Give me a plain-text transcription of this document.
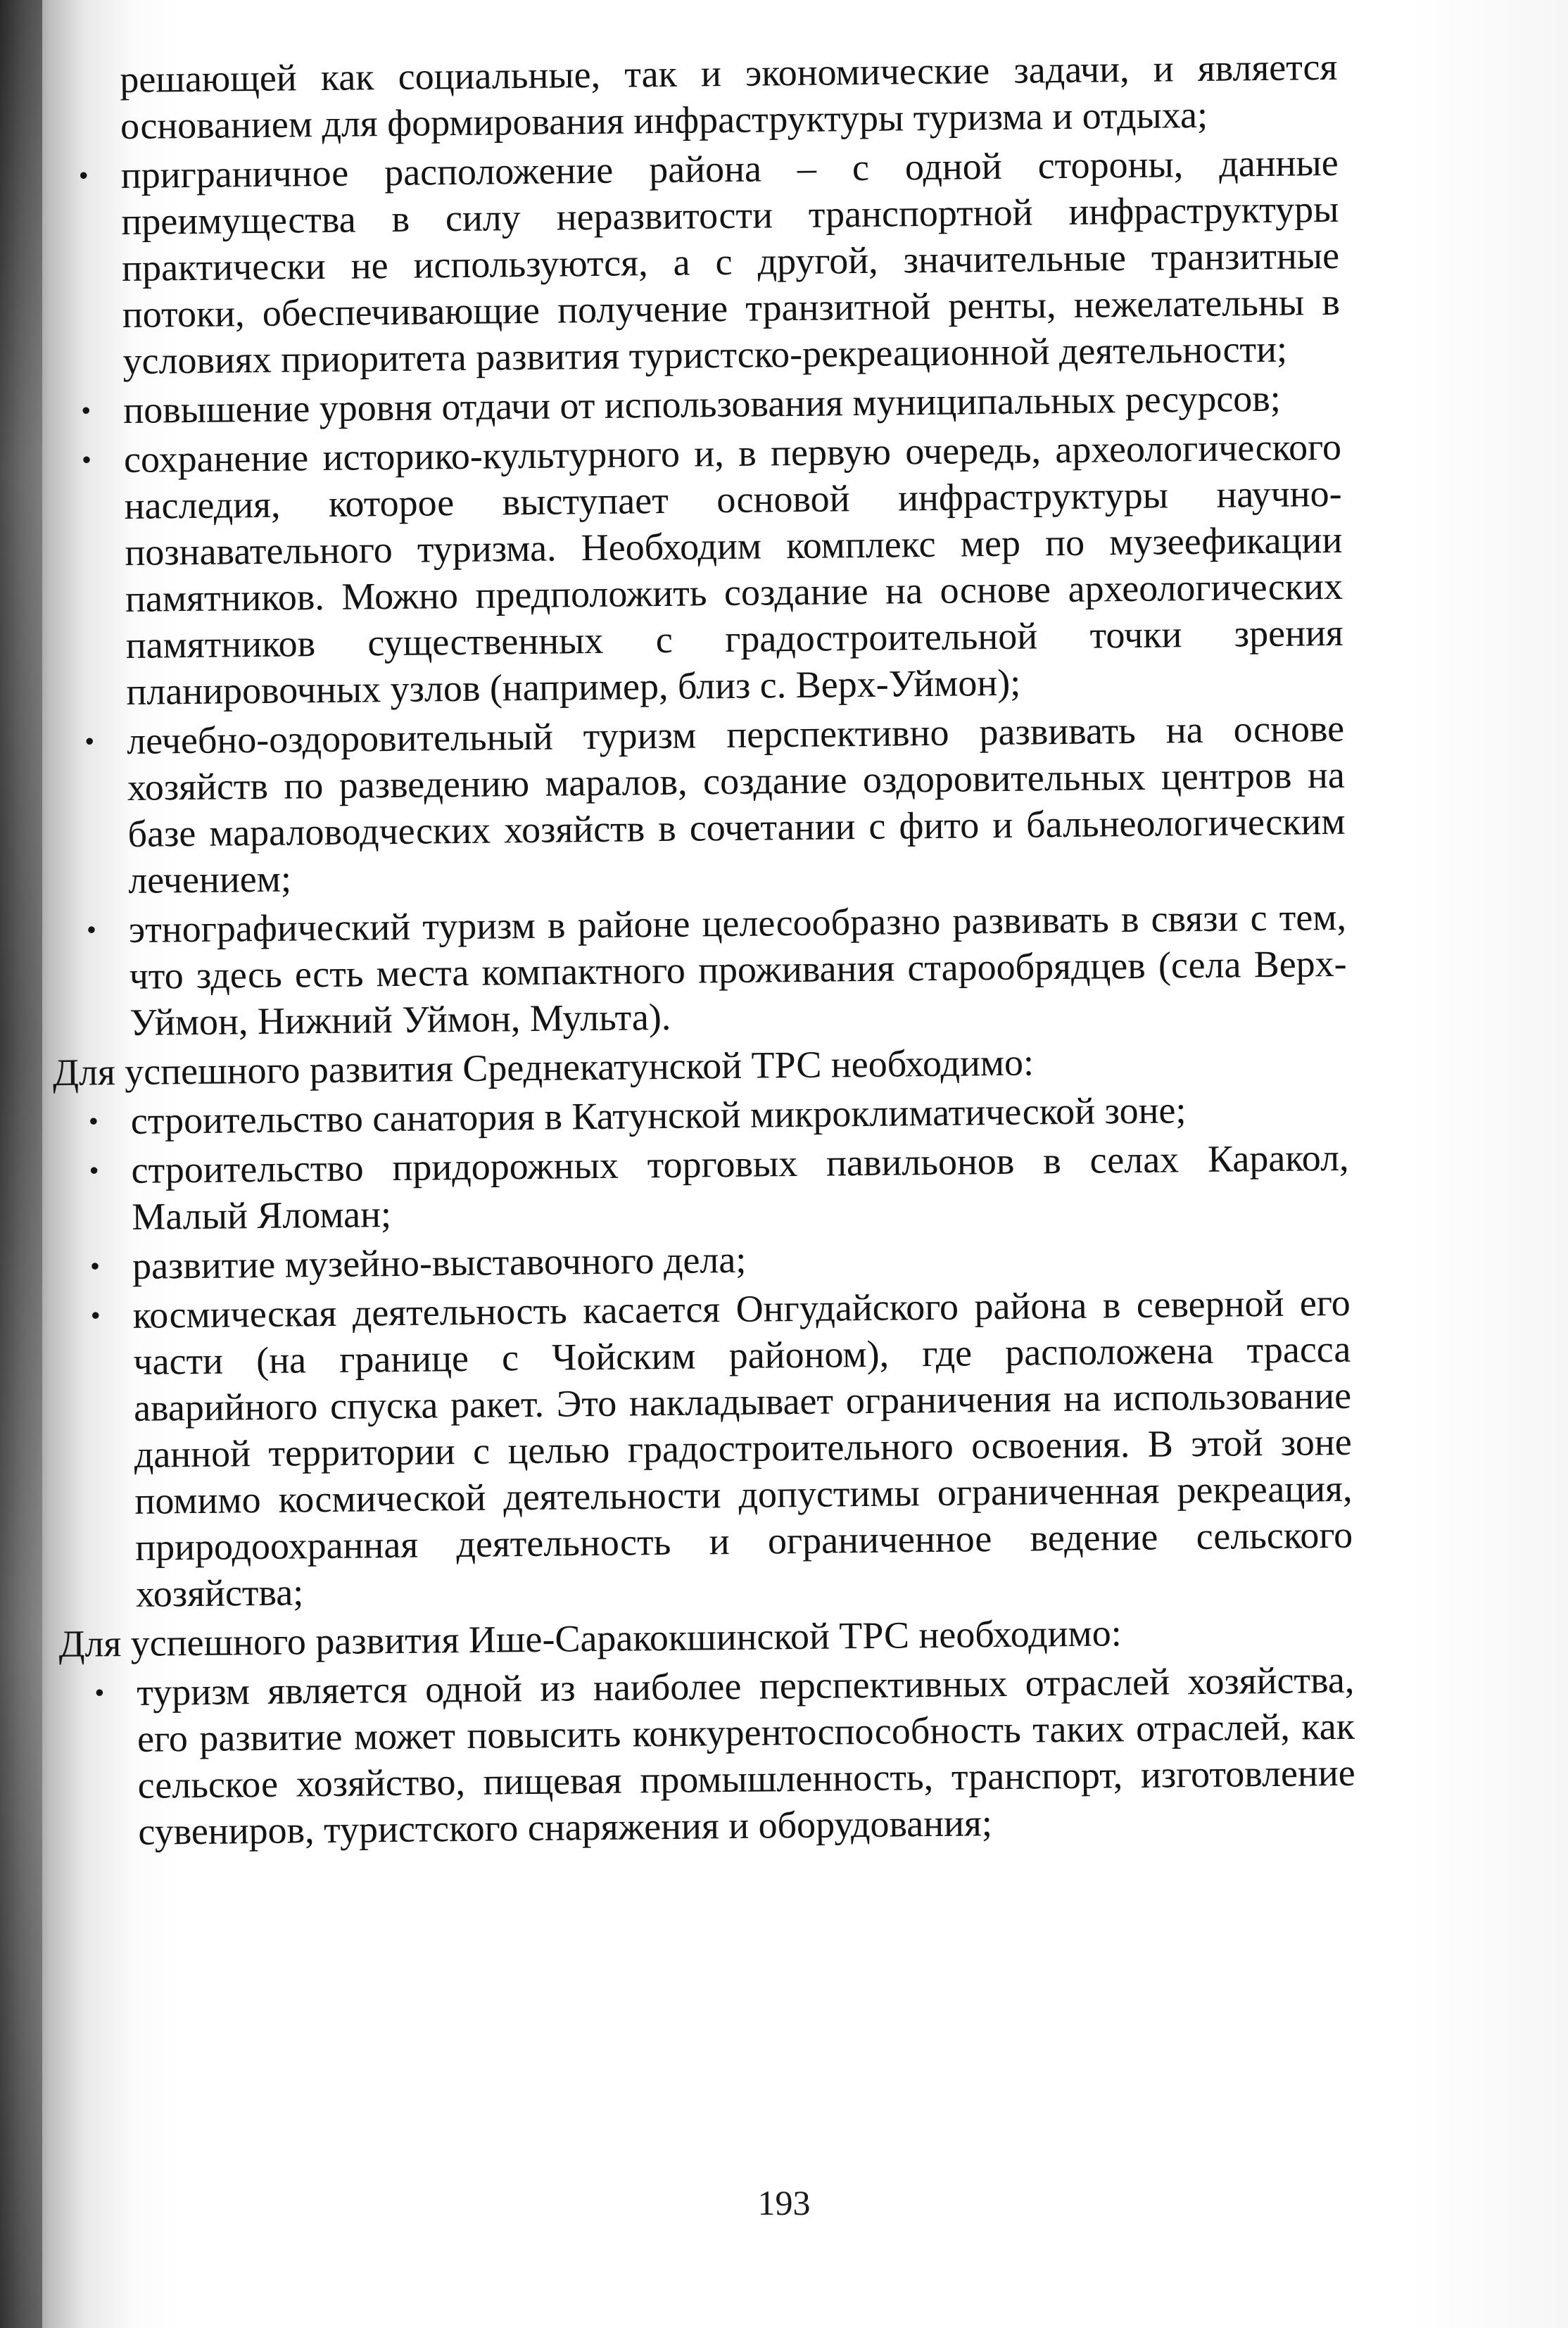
решающей как социальные, так и экономические задачи, и является основанием для формирования инфраструктуры туризма и отдыха;

• приграничное расположение района – с одной стороны, данные преимущества в силу неразвитости транспортной инфраструктуры практически не используются, а с другой, значительные транзитные потоки, обеспечивающие получение транзитной ренты, нежелательны в условиях приоритета развития туристско-рекреационной деятельности;
• повышение уровня отдачи от использования муниципальных ресурсов;
• сохранение историко-культурного и, в первую очередь, археологического наследия, которое выступает основой инфраструктуры научно-познавательного туризма. Необходим комплекс мер по музеефикации памятников. Можно предположить создание на основе археологических памятников существенных с градостроительной точки зрения планировочных узлов (например, близ с. Верх-Уймон);
• лечебно-оздоровительный туризм перспективно развивать на основе хозяйств по разведению маралов, создание оздоровительных центров на базе мараловодческих хозяйств в сочетании с фито и бальнеологическим лечением;
• этнографический туризм в районе целесообразно развивать в связи с тем, что здесь есть места компактного проживания старообрядцев (села Верх-Уймон, Нижний Уймон, Мульта).

Для успешного развития Среднекатунской ТРС необходимо:

• строительство санатория в Катунской микроклиматической зоне;
• строительство придорожных торговых павильонов в селах Каракол, Малый Яломан;
• развитие музейно-выставочного дела;
• космическая деятельность касается Онгудайского района в северной его части (на границе с Чойским районом), где расположена трасса аварийного спуска ракет. Это накладывает ограничения на использование данной территории с целью градостроительного освоения. В этой зоне помимо космической деятельности допустимы ограниченная рекреация, природоохранная деятельность и ограниченное ведение сельского хозяйства;

Для успешного развития Ише-Саракокшинской ТРС необходимо:

• туризм является одной из наиболее перспективных отраслей хозяйства, его развитие может повысить конкурентоспособность таких отраслей, как сельское хозяйство, пищевая промышленность, транспорт, изготовление сувениров, туристского снаряжения и оборудования;
193
